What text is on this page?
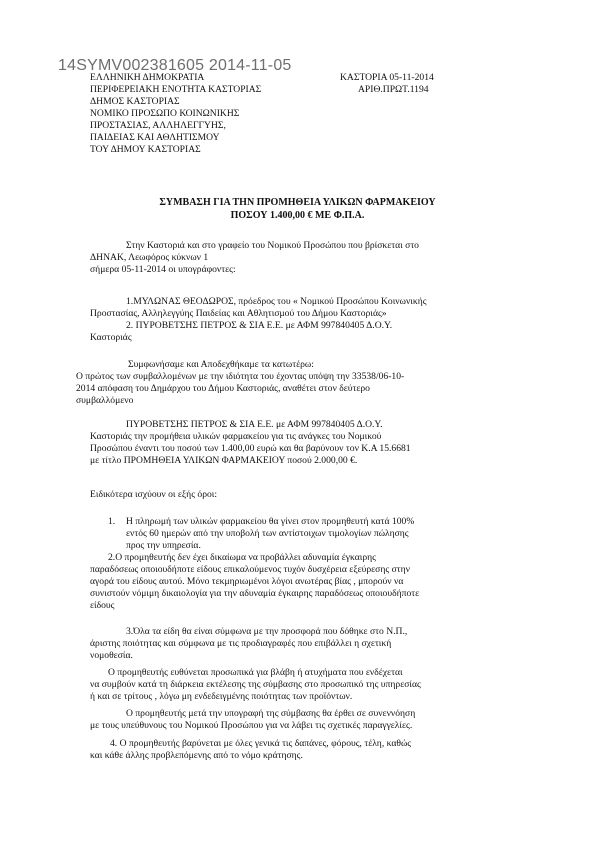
14SYMV002381605 2014-11-05
ΕΛΛΗΝΙΚΗ ΔΗΜΟΚΡΑΤΙΑ
ΠΕΡΙΦΕΡΕΙΑΚΗ ΕΝΟΤΗΤΑ ΚΑΣΤΟΡΙΑΣ
ΔΗΜΟΣ ΚΑΣΤΟΡΙΑΣ
ΝΟΜΙΚΟ ΠΡΟΣΩΠΟ ΚΟΙΝΩΝΙΚΗΣ
ΠΡΟΣΤΑΣΙΑΣ, ΑΛΛΗΛΕΓΓΥΗΣ,
ΠΑΙΔΕΙΑΣ ΚΑΙ ΑΘΛΗΤΙΣΜΟΥ
ΤΟΥ ΔΗΜΟΥ ΚΑΣΤΟΡΙΑΣ
ΚΑΣΤΟΡΙΑ 05-11-2014
ΑΡΙΘ.ΠΡΩΤ.1194
ΣΥΜΒΑΣΗ ΓΙΑ ΤΗΝ ΠΡΟΜΗΘΕΙΑ ΥΛΙΚΩΝ ΦΑΡΜΑΚΕΙΟΥ
ΠΟΣΟΥ 1.400,00 € ΜΕ Φ.Π.Α.

Στην Καστοριά και στο γραφείο του Νομικού Προσώπου που βρίσκεται στο

ΔΗΝΑΚ, Λεωφόρος κύκνων 1

σήμερα 05-11-2014 οι υπογράφοντες:

1.ΜΥΛΩΝΑΣ ΘΕΟΔΩΡΟΣ, πρόεδρος του « Νομικού Προσώπου Κοινωνικής

Προστασίας, Αλληλεγγύης Παιδείας και Αθλητισμού του Δήμου Καστοριάς»

2. ΠΥΡΟΒΕΤΣΗΣ ΠΕΤΡΟΣ & ΣΙΑ Ε.Ε. με ΑΦΜ 997840405 Δ.Ο.Υ.

Καστοριάς

Συμφωνήσαμε και Αποδεχθήκαμε τα κατωτέρω:

Ο πρώτος των συμβαλλομένων με την ιδιότητα του έχοντας υπόψη την 33538/06-10-

2014 απόφαση του Δημάρχου του Δήμου Καστοριάς, αναθέτει στον δεύτερο

συμβαλλόμενο

ΠΥΡΟΒΕΤΣΗΣ ΠΕΤΡΟΣ & ΣΙΑ Ε.Ε. με ΑΦΜ 997840405 Δ.Ο.Υ.

Καστοριάς την προμήθεια υλικών φαρμακείου για τις ανάγκες του Νομικού

Προσώπου έναντι του ποσού των 1.400,00 ευρώ και θα βαρύνουν τον Κ.Α 15.6681

με τίτλο ΠΡΟΜΗΘΕΙΑ ΥΛΙΚΩΝ ΦΑΡΜΑΚΕΙΟΥ ποσού 2.000,00 €.

Ειδικότερα ισχύουν οι εξής όροι:

1. Η πληρωμή των υλικών φαρμακείου θα γίνει στον προμηθευτή κατά 100%

εντός 60 ημερών από την υποβολή των αντίστοιχων τιμολογίων πώλησης

προς την υπηρεσία.

2.Ο προμηθευτής δεν έχει δικαίωμα να προβάλλει αδυναμία έγκαιρης

παραδόσεως οποιουδήποτε είδους επικαλούμενος τυχόν δυσχέρεια εξεύρεσης στην

αγορά του είδους αυτού. Μόνο τεκμηριωμένοι λόγοι ανωτέρας βίας , μπορούν να

συνιστούν νόμιμη δικαιολογία για την αδυναμία έγκαιρης παραδόσεως οποιουδήποτε

είδους

3.Όλα τα είδη θα είναι σύμφωνα με την προσφορά που δόθηκε στο Ν.Π.,

άριστης ποιότητας και σύμφωνα με τις προδιαγραφές που επιβάλλει η σχετική

νομοθεσία.

Ο προμηθευτής ευθύνεται προσωπικά για βλάβη ή ατυχήματα που ενδέχεται

να συμβούν κατά τη διάρκεια εκτέλεσης της σύμβασης στο προσωπικό της υπηρεσίας

ή και σε τρίτους , λόγω μη ενδεδειγμένης ποιότητας των προϊόντων.

Ο προμηθευτής μετά την υπογραφή της σύμβασης θα έρθει σε συνεννόηση

με τους υπεύθυνους του Νομικού Προσώπου για να λάβει τις σχετικές παραγγελίες.

4. Ο προμηθευτής βαρύνεται με όλες γενικά τις δαπάνες, φόρους, τέλη, καθώς

και κάθε άλλης προβλεπόμενης από το νόμο κράτησης.
